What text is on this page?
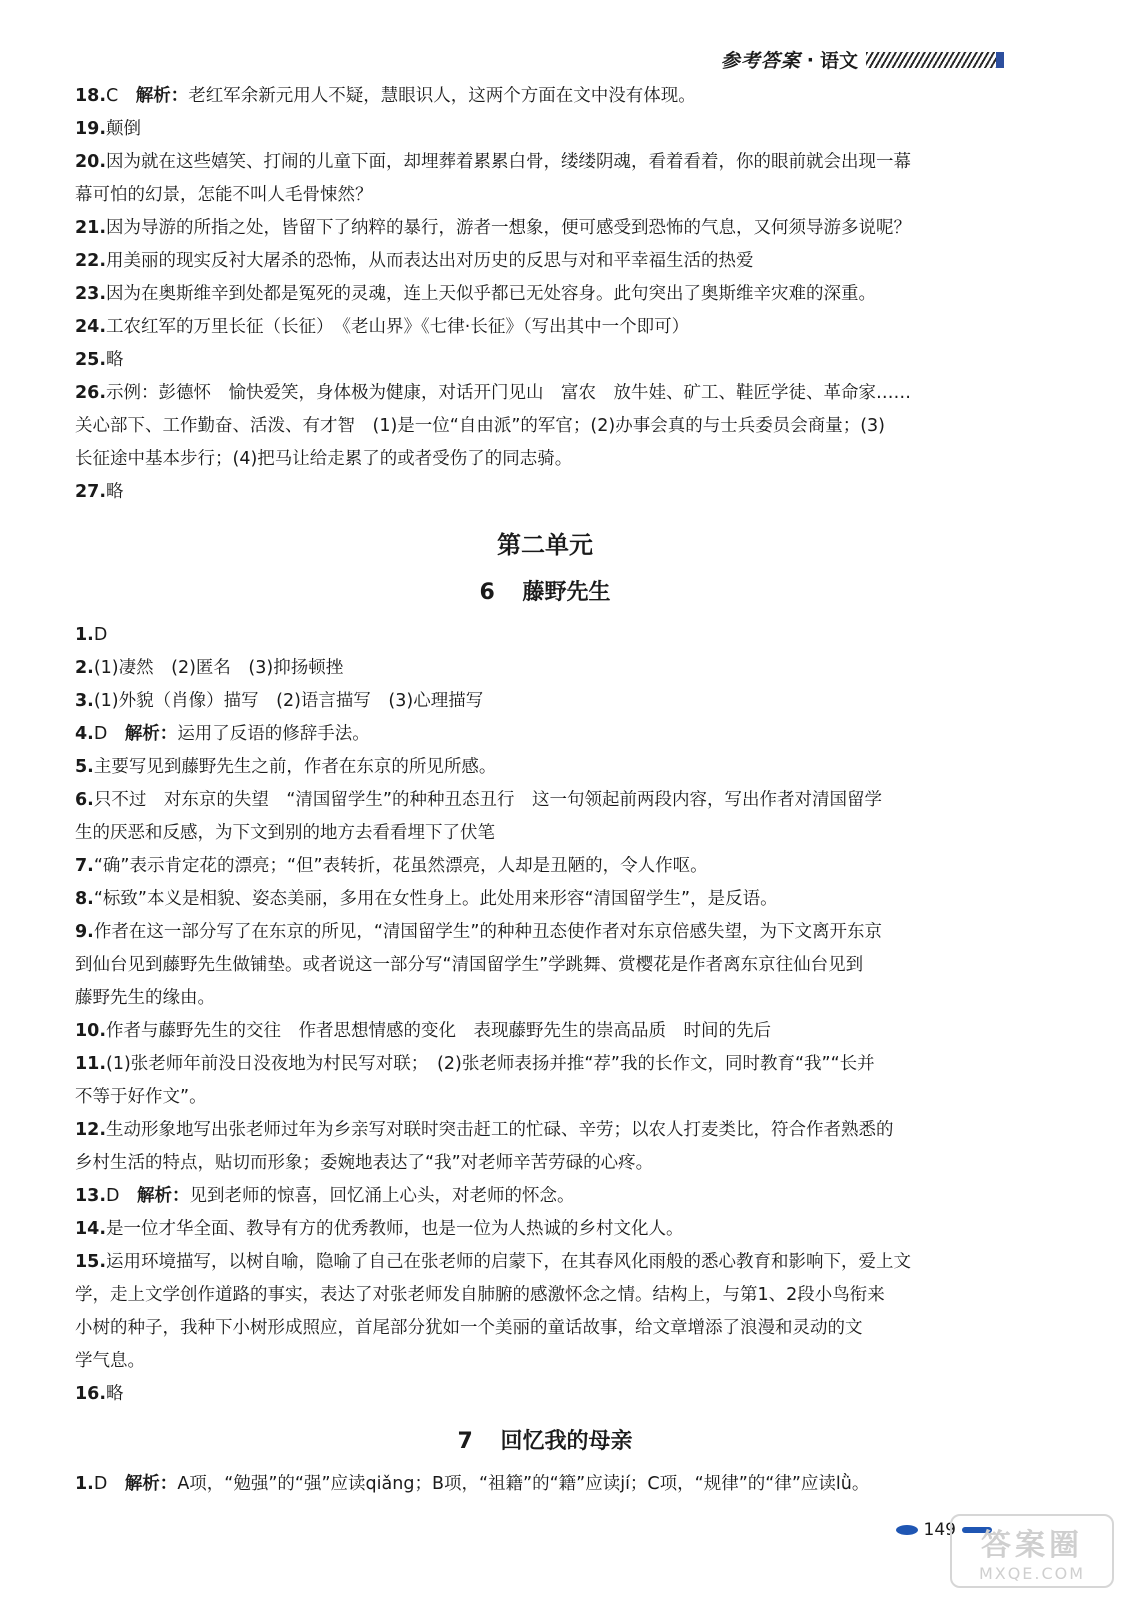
参考答案 · 语文
18.C　 解析：老红军余新元用人不疑，慧眼识人，这两个方面在文中没有体现。
19.颠倒
20.因为就在这些嬉笑、打闹的儿童下面，却埋葬着累累白骨，缕缕阴魂，看着看着，你的眼前就会出现一幕
幕可怕的幻景，怎能不叫人毛骨悚然？
21.因为导游的所指之处，皆留下了纳粹的暴行，游者一想象，便可感受到恐怖的气息，又何须导游多说呢？
22.用美丽的现实反衬大屠杀的恐怖，从而表达出对历史的反思与对和平幸福生活的热爱
23.因为在奥斯维辛到处都是冤死的灵魂，连上天似乎都已无处容身。此句突出了奥斯维辛灾难的深重。
24.工农红军的万里长征（长征）　《老山界》《七律·长征》（写出其中一个即可）
25.略
26.示例：彭德怀　愉快爱笑，身体极为健康，对话开门见山　富农　放牛娃、矿工、鞋匠学徒、革命家……
关心部下、工作勤奋、活泼、有才智　(1)是一位“自由派”的军官；(2)办事会真的与士兵委员会商量；(3)
长征途中基本步行；(4)把马让给走累了的或者受伤了的同志骑。
27.略
第二单元
6 藤野先生
1.D
2.(1)凄然　(2)匿名　(3)抑扬顿挫
3.(1)外貌（肖像）描写　(2)语言描写　(3)心理描写
4.D　 解析：运用了反语的修辞手法。
5.主要写见到藤野先生之前，作者在东京的所见所感。
6.只不过　对东京的失望　“清国留学生”的种种丑态丑行　这一句领起前两段内容，写出作者对清国留学
生的厌恶和反感，为下文到别的地方去看看埋下了伏笔
7.“确”表示肯定花的漂亮；“但”表转折，花虽然漂亮，人却是丑陋的，令人作呕。
8.“标致”本义是相貌、姿态美丽，多用在女性身上。此处用来形容“清国留学生”，是反语。
9.作者在这一部分写了在东京的所见，“清国留学生”的种种丑态使作者对东京倍感失望，为下文离开东京
到仙台见到藤野先生做铺垫。或者说这一部分写“清国留学生”学跳舞、赏樱花是作者离东京往仙台见到
藤野先生的缘由。
10.作者与藤野先生的交往　作者思想情感的变化　表现藤野先生的崇高品质　时间的先后
11.(1)张老师年前没日没夜地为村民写对联；　(2)张老师表扬并推“荐”我的长作文，同时教育“我”“长并
不等于好作文”。
12.生动形象地写出张老师过年为乡亲写对联时突击赶工的忙碌、辛劳；以农人打麦类比，符合作者熟悉的
乡村生活的特点，贴切而形象；委婉地表达了“我”对老师辛苦劳碌的心疼。
13.D　 解析：见到老师的惊喜，回忆涌上心头，对老师的怀念。
14.是一位才华全面、教导有方的优秀教师，也是一位为人热诚的乡村文化人。
15.运用环境描写，以树自喻，隐喻了自己在张老师的启蒙下，在其春风化雨般的悉心教育和影响下，爱上文
学，走上文学创作道路的事实，表达了对张老师发自肺腑的感激怀念之情。结构上，与第1、2段小鸟衔来
小树的种子，我种下小树形成照应，首尾部分犹如一个美丽的童话故事，给文章增添了浪漫和灵动的文
学气息。
16.略
7 回忆我的母亲
1.D　 解析：A项，“勉强”的“强”应读qiǎng；B项，“祖籍”的“籍”应读jí；C项，“规律”的“律”应读lǜ。
149 答案圈
MXQE.COM
